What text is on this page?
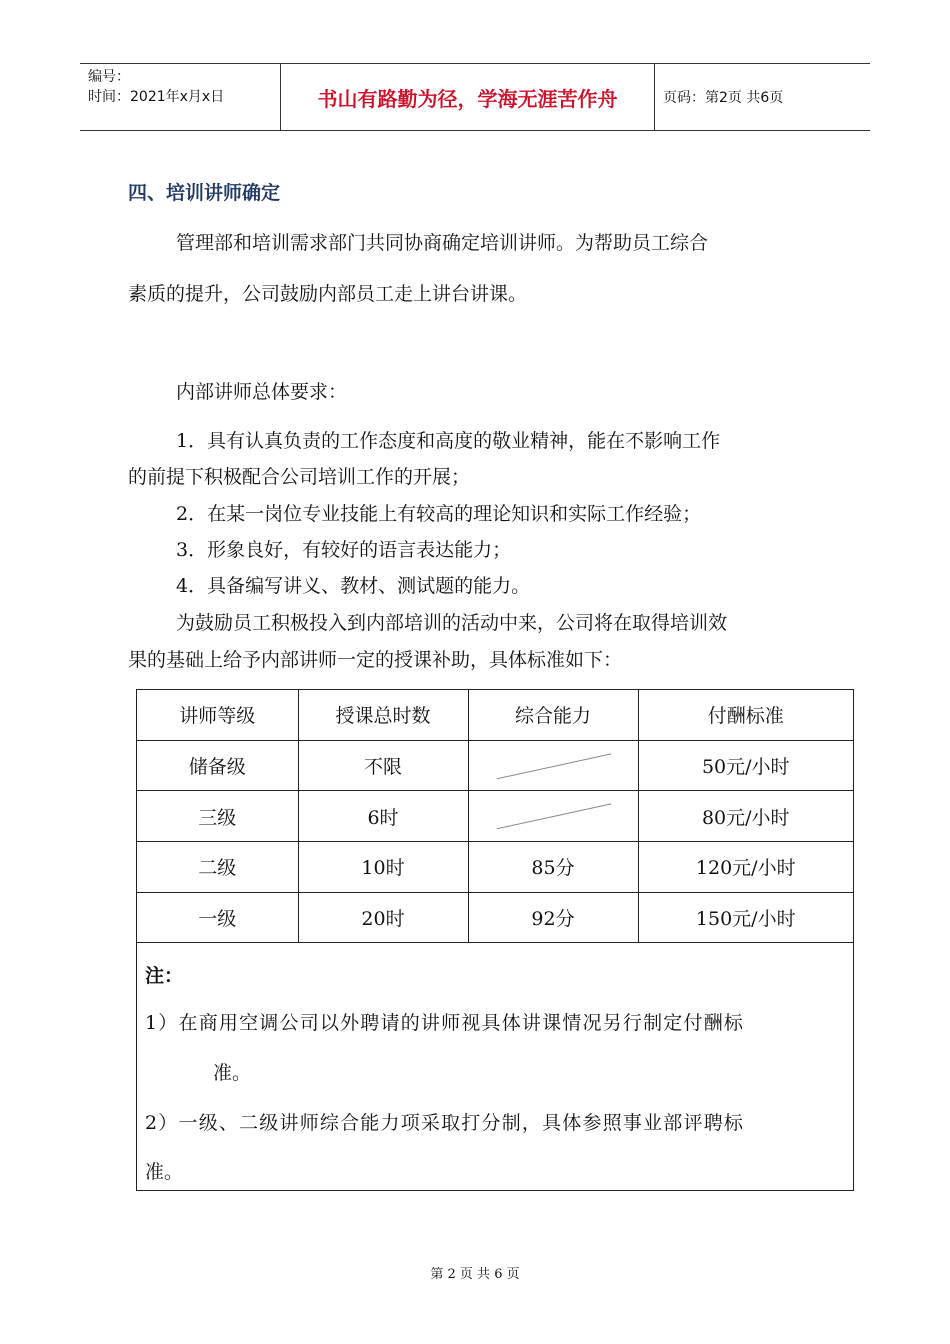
编号：
时间：2021年x月x日	书山有路勤为径，学海无涯苦作舟	页码：第2页 共6页
四、培训讲师确定
管理部和培训需求部门共同协商确定培训讲师。为帮助员工综合
素质的提升，公司鼓励内部员工走上讲台讲课。
内部讲师总体要求：
1．具有认真负责的工作态度和高度的敬业精神，能在不影响工作
的前提下积极配合公司培训工作的开展；
2．在某一岗位专业技能上有较高的理论知识和实际工作经验；
3．形象良好，有较好的语言表达能力；
4．具备编写讲义、教材、测试题的能力。
为鼓励员工积极投入到内部培训的活动中来，公司将在取得培训效
果的基础上给予内部讲师一定的授课补助，具体标准如下：
讲师等级	授课总时数	综合能力	付酬标准
储备级	不限		50元/小时
三级	6时		80元/小时
二级	10时	85分	120元/小时
一级	20时	92分	150元/小时
注：
1）在商用空调公司以外聘请的讲师视具体讲课情况另行制定付酬标
准。
2）一级、二级讲师综合能力项采取打分制，具体参照事业部评聘标
准。
第 2 页 共 6 页
